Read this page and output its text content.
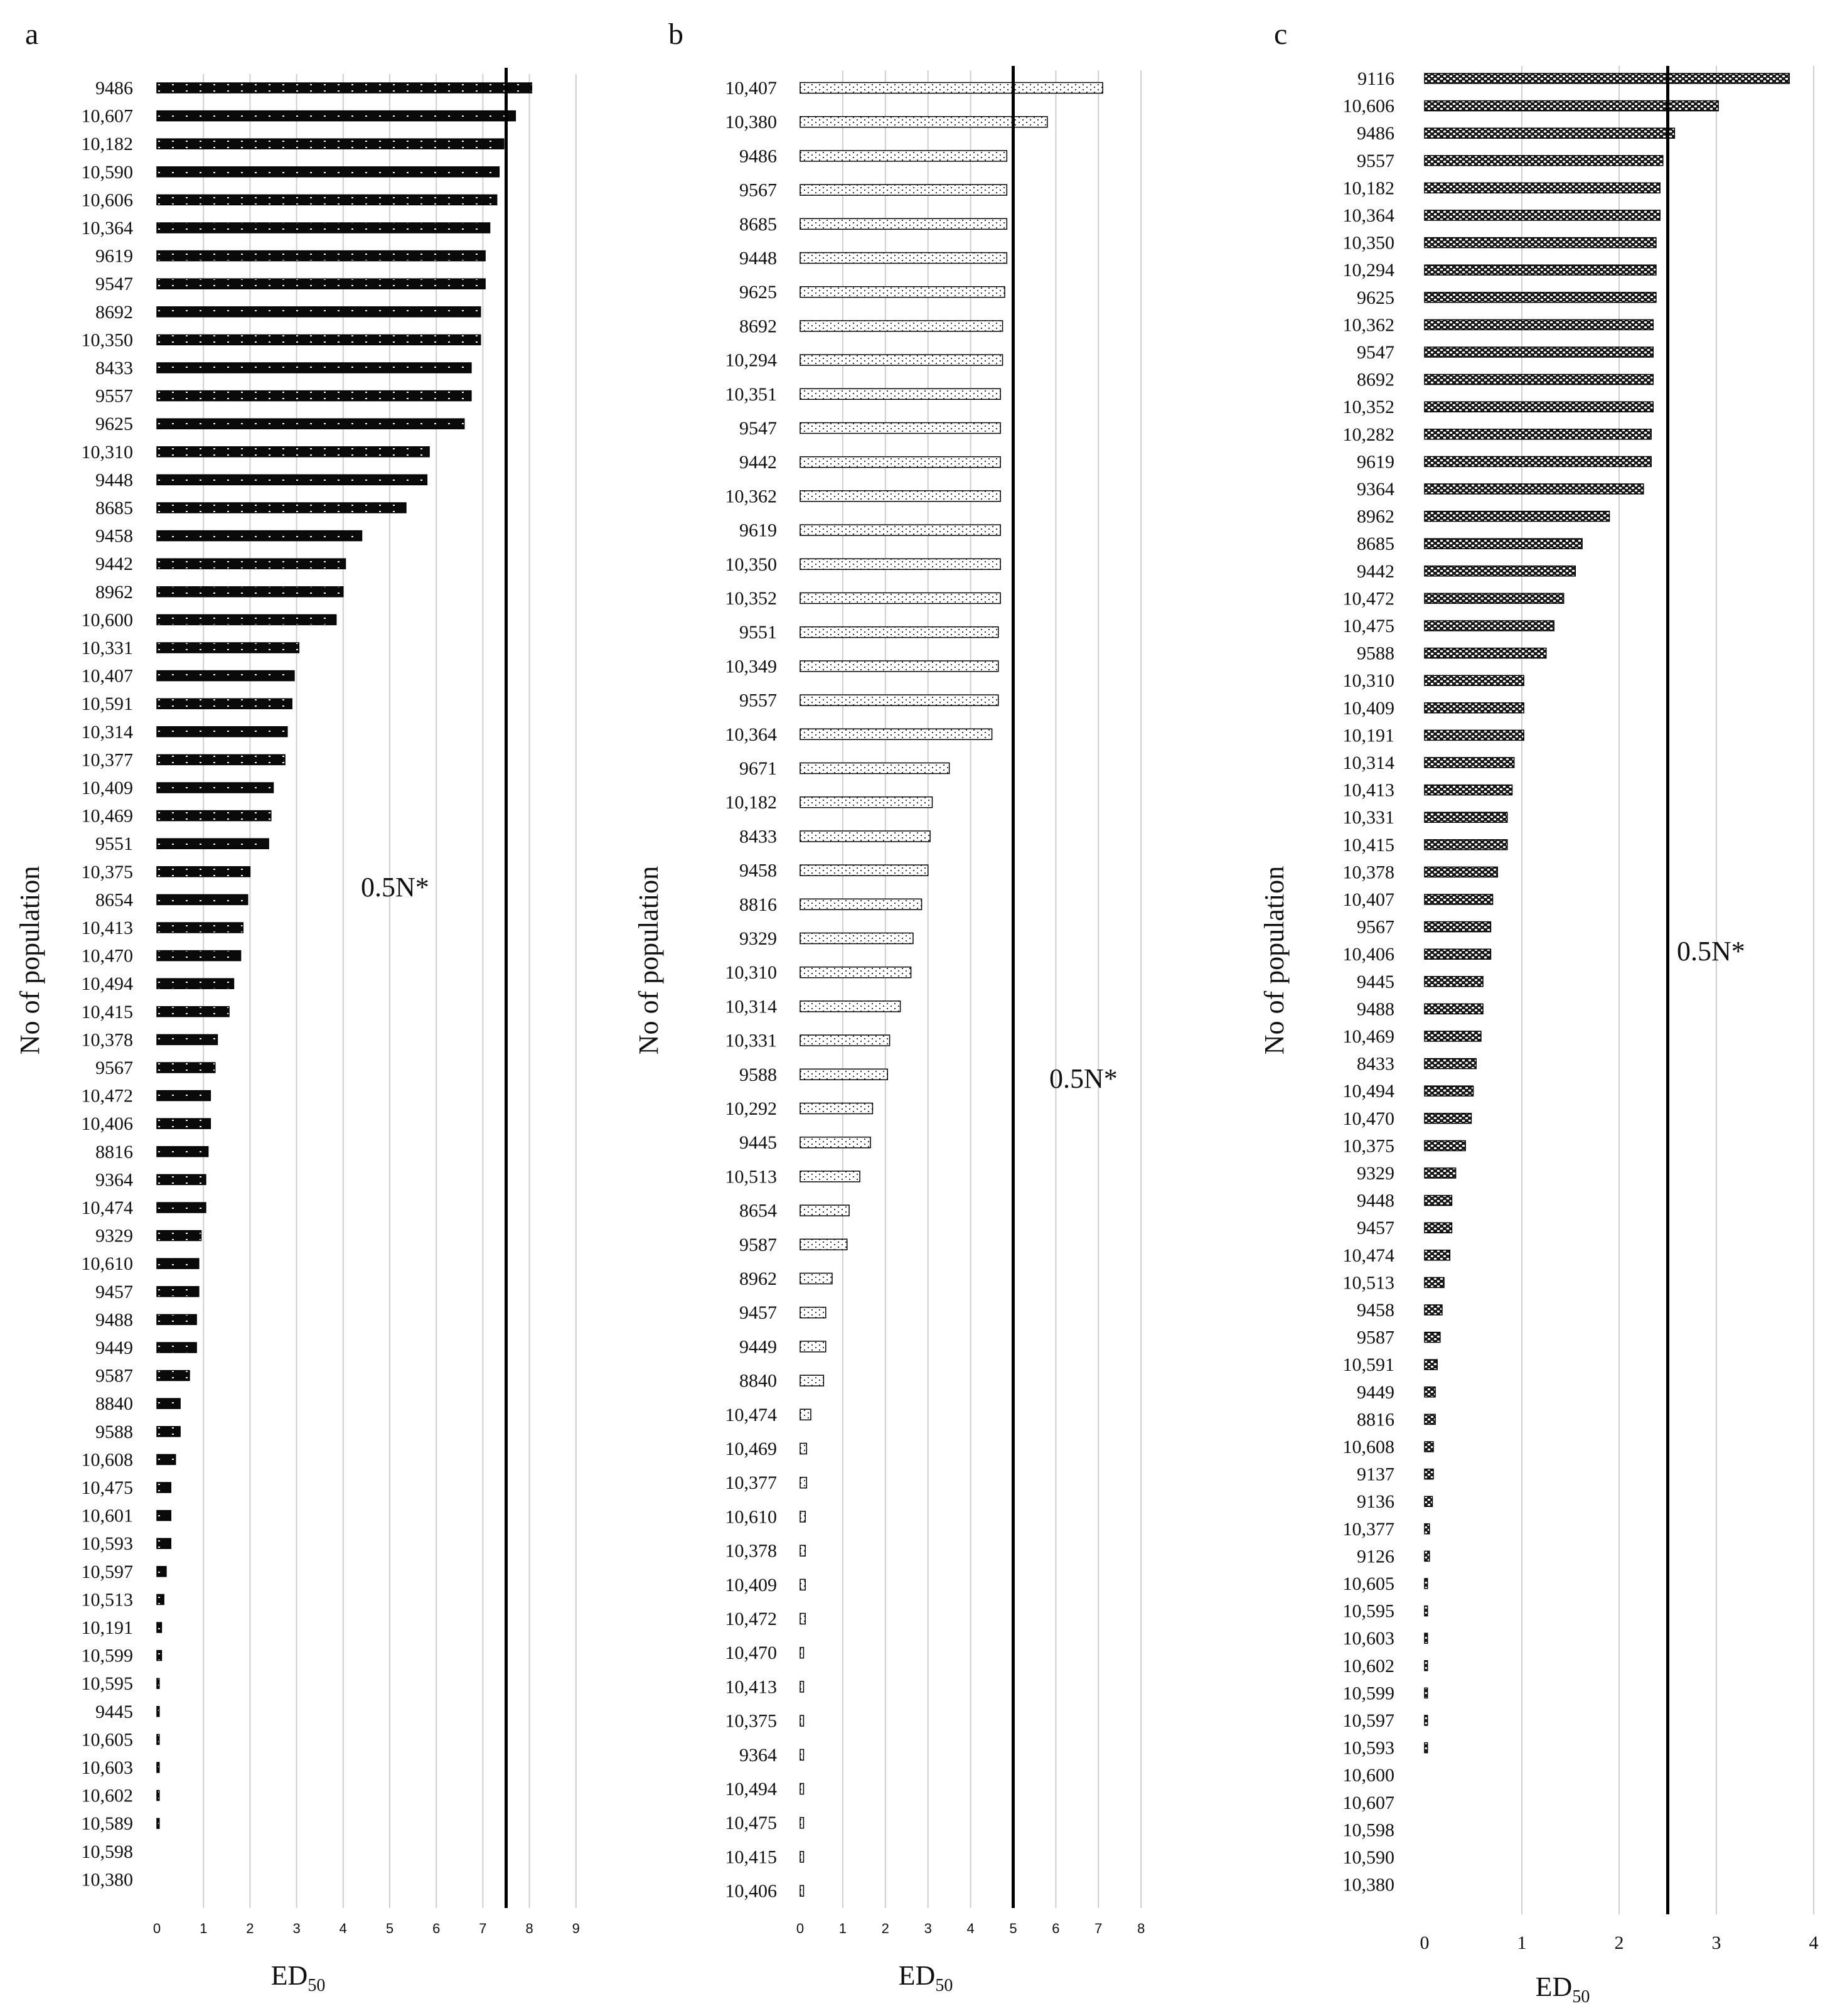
0	1	2	3	4	5	6	7	8	9
9486
10,607
10,182
10,590
10,606
10,364
9619
9547
8692
10,350
8433
9557
9625
10,310
9448
8685
9458
9442
8962
10,600
10,331
10,407
10,591
10,314
10,377
10,409
10,469
9551
10,375
8654
10,413
10,470
10,494
10,415
10,378
9567
10,472
10,406
8816
9364
10,474
9329
10,610
9457
9488
9449
9587
8840
9588
10,608
10,475
10,601
10,593
10,597
10,513
10,191
10,599
10,595
9445
10,605
10,603
10,602
10,589
10,598
10,380
0.5N*
a
No of population
$ED_{50}$
0	1	2	3	4	5	6	7	8
10,407
10,380
9486
9567
8685
9448
9625
8692
10,294
10,351
9547
9442
10,362
9619
10,350
10,352
9551
10,349
9557
10,364
9671
10,182
8433
9458
8816
9329
10,310
10,314
10,331
9588
10,292
9445
10,513
8654
9587
8962
9457
9449
8840
10,474
10,469
10,377
10,610
10,378
10,409
10,472
10,470
10,413
10,375
9364
10,494
10,475
10,415
10,406
0.5N*
b
No of population
$ED_{50}$
0	1	2	3	4
9116
10,606
9486
9557
10,182
10,364
10,350
10,294
9625
10,362
9547
8692
10,352
10,282
9619
9364
8962
8685
9442
10,472
10,475
9588
10,310
10,409
10,191
10,314
10,413
10,331
10,415
10,378
10,407
9567
10,406
9445
9488
10,469
8433
10,494
10,470
10,375
9329
9448
9457
10,474
10,513
9458
9587
10,591
9449
8816
10,608
9137
9136
10,377
9126
10,605
10,595
10,603
10,602
10,599
10,597
10,593
10,600
10,607
10,598
10,590
10,380
0.5N*
c
No of population
$ED_{50}$
